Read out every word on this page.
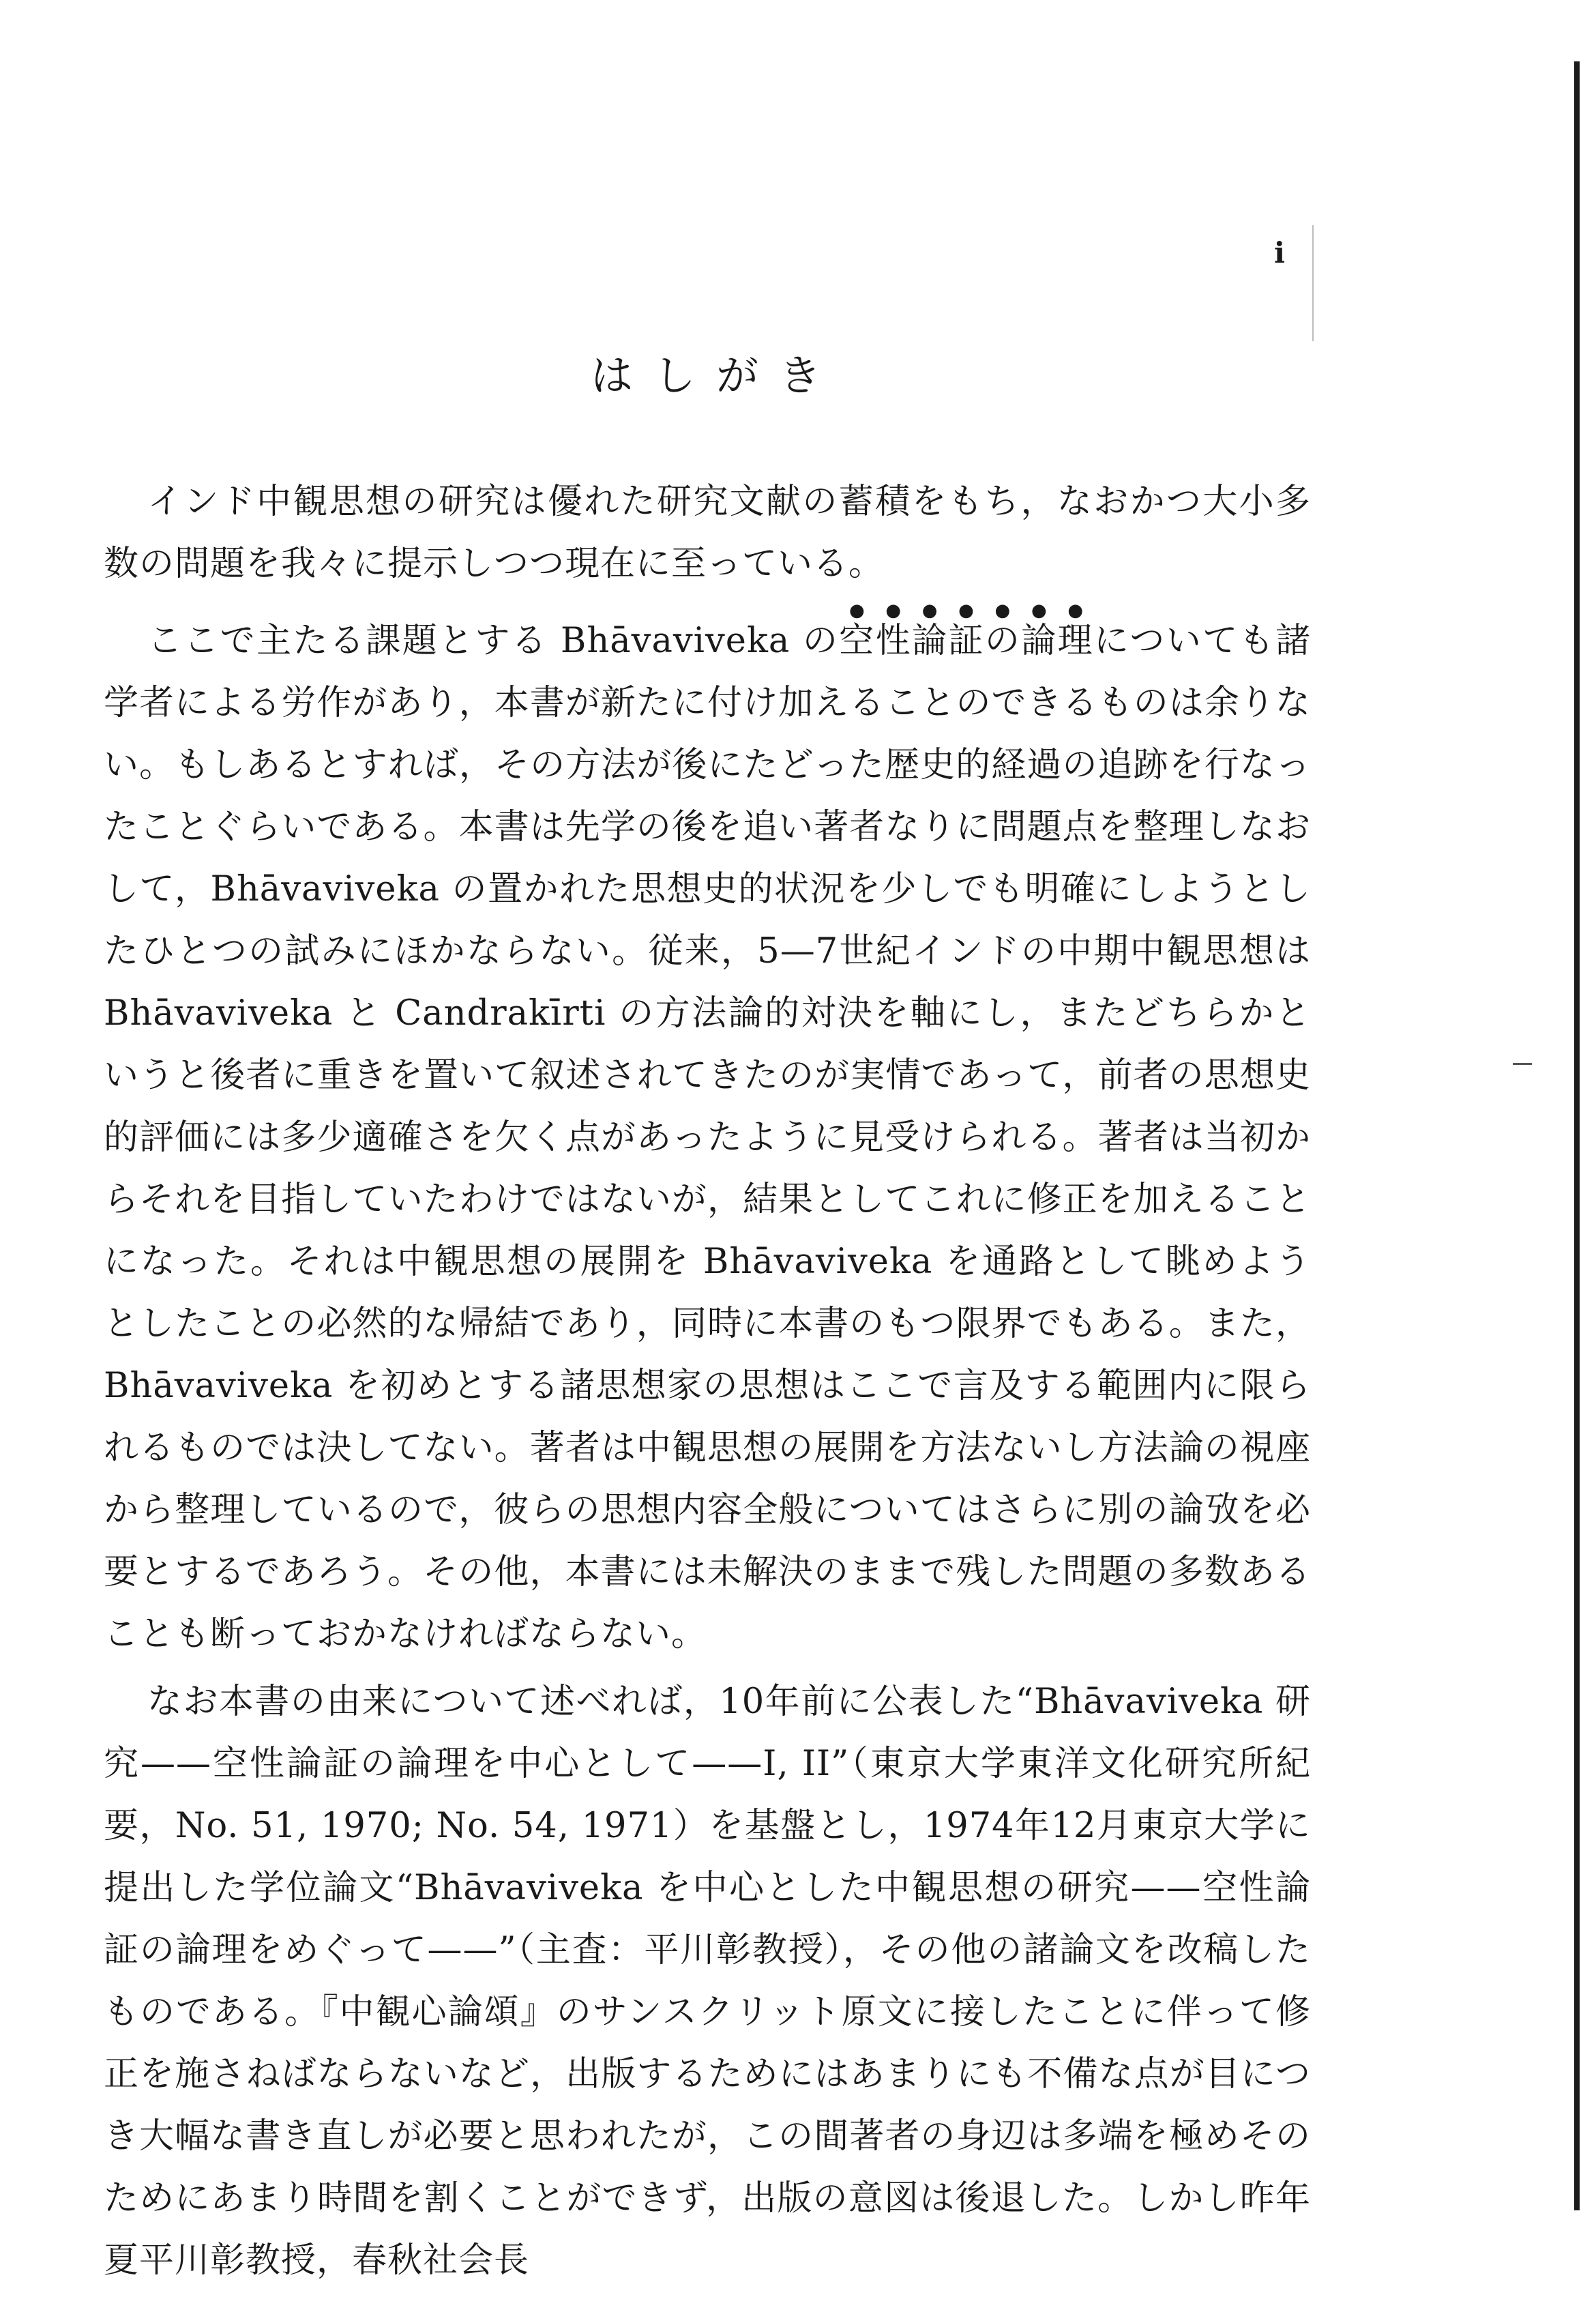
i
はしがき

インド中観思想の研究は優れた研究文献の蓄積をもち，なおかつ大小多数の問題を我々に提示しつつ現在に至っている。

ここで主たる課題とする Bhāvaviveka の空性論証の論理についても諸学者による労作があり，本書が新たに付け加えることのできるものは余りない。もしあるとすれば，その方法が後にたどった歴史的経過の追跡を行なったことぐらいである。本書は先学の後を追い著者なりに問題点を整理しなおして，Bhāvaviveka の置かれた思想史的状況を少しでも明確にしようとしたひとつの試みにほかならない。従来，5—7世紀インドの中期中観思想は Bhāvaviveka と Candrakīrti の方法論的対決を軸にし，またどちらかというと後者に重きを置いて叙述されてきたのが実情であって，前者の思想史的評価には多少適確さを欠く点があったように見受けられる。著者は当初からそれを目指していたわけではないが，結果としてこれに修正を加えることになった。それは中観思想の展開を Bhāvaviveka を通路として眺めようとしたことの必然的な帰結であり，同時に本書のもつ限界でもある。また，Bhāvaviveka を初めとする諸思想家の思想はここで言及する範囲内に限られるものでは決してない。著者は中観思想の展開を方法ないし方法論の視座から整理しているので，彼らの思想内容全般についてはさらに別の論攷を必要とするであろう。その他，本書には未解決のままで残した問題の多数あることも断っておかなければならない。

なお本書の由来について述べれば，10年前に公表した“Bhāvaviveka 研究——空性論証の論理を中心として——I, II”（東京大学東洋文化研究所紀要，No. 51, 1970; No. 54, 1971）を基盤とし，1974年12月東京大学に提出した学位論文“Bhāvaviveka を中心とした中観思想の研究——空性論証の論理をめぐって——”（主査：平川彰教授），その他の諸論文を改稿したものである。『中観心論頌』のサンスクリット原文に接したことに伴って修正を施さねばならないなど，出版するためにはあまりにも不備な点が目につき大幅な書き直しが必要と思われたが，この間著者の身辺は多端を極めそのためにあまり時間を割くことができず，出版の意図は後退した。しかし昨年夏平川彰教授，春秋社会長
